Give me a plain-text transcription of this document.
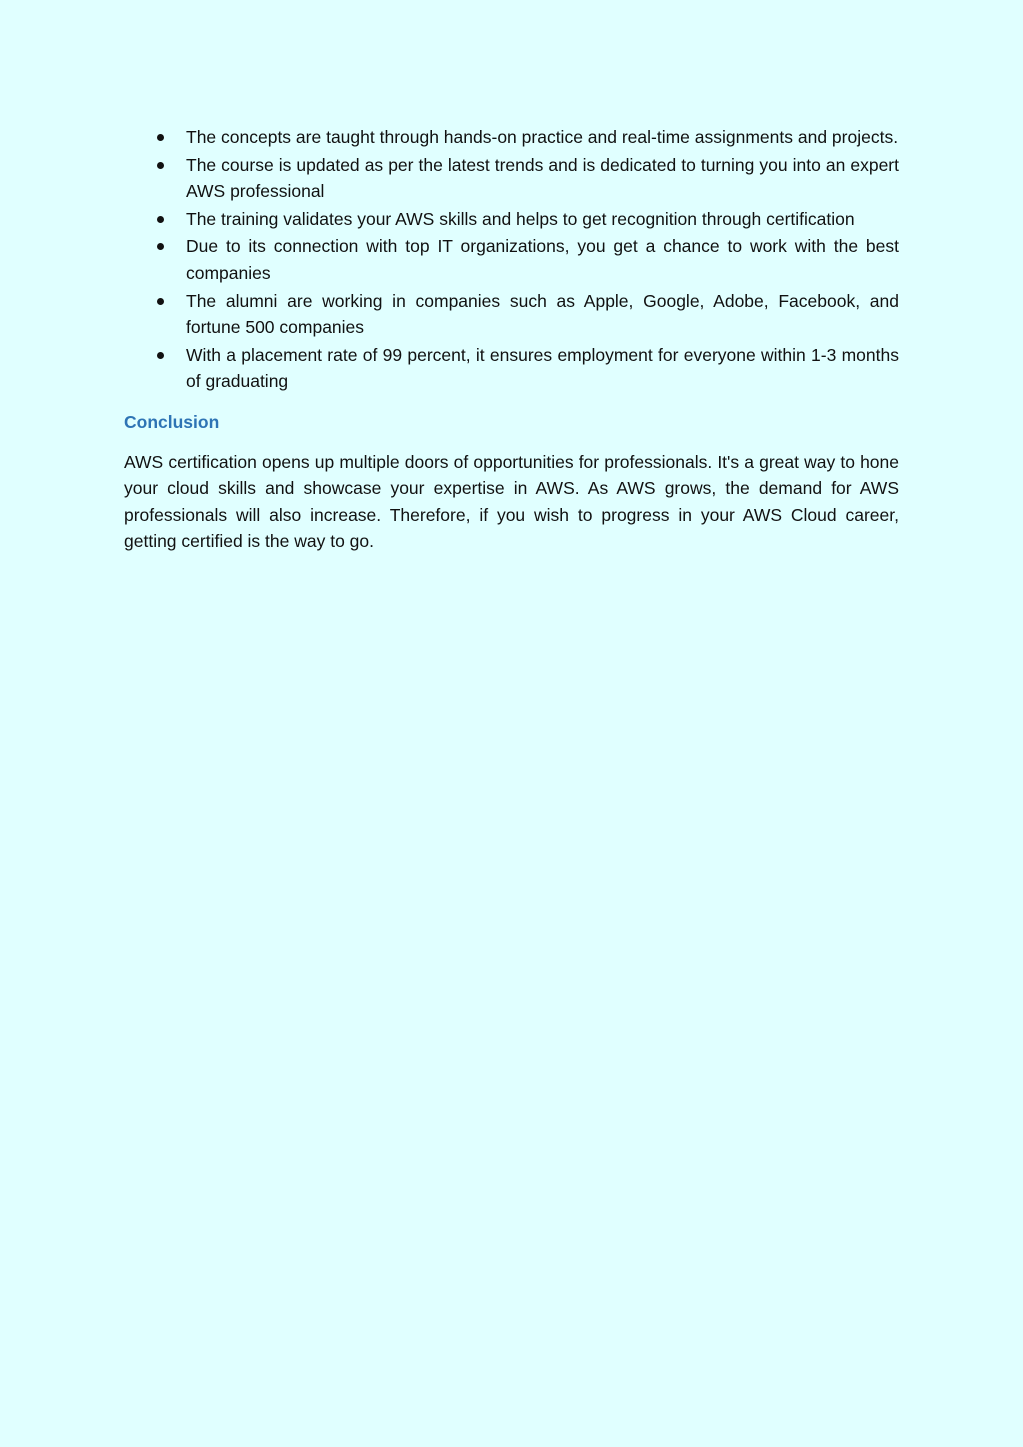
The concepts are taught through hands-on practice and real-time assignments and projects.
The course is updated as per the latest trends and is dedicated to turning you into an expert AWS professional
The training validates your AWS skills and helps to get recognition through certification
Due to its connection with top IT organizations, you get a chance to work with the best companies
The alumni are working in companies such as Apple, Google, Adobe, Facebook, and fortune 500 companies
With a placement rate of 99 percent, it ensures employment for everyone within 1-3 months of graduating
Conclusion
AWS certification opens up multiple doors of opportunities for professionals. It's a great way to hone your cloud skills and showcase your expertise in AWS. As AWS grows, the demand for AWS professionals will also increase. Therefore, if you wish to progress in your AWS Cloud career, getting certified is the way to go.
